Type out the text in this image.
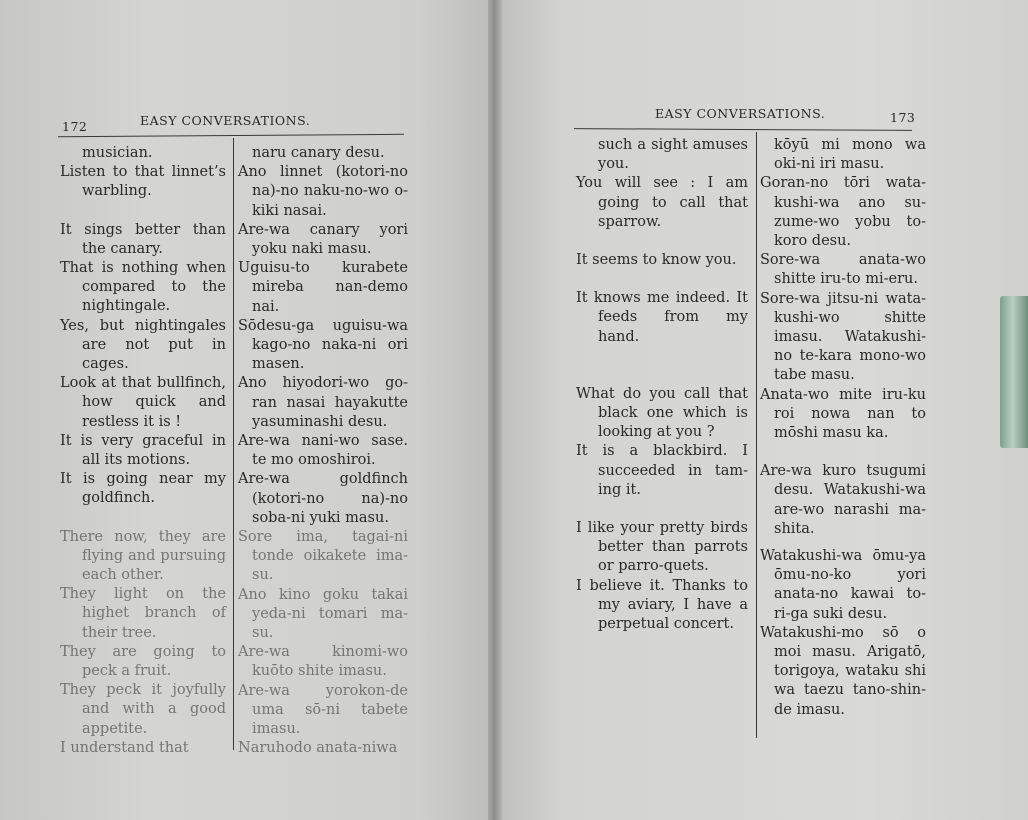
172	EASY CONVERSATIONS.
musician.
Listen to that linnet’s warbling.
It sings better than the canary.
That is nothing when compared to the nightingale.
Yes, but nightingales are not put in cages.
Look at that bullfinch, how quick and restless it is !
It is very graceful in all its motions.
It is going near my goldfinch.
There now, they are flying and pursuing each other.
They light on the highet branch of their tree.
They are going to peck a fruit.
They peck it joyfully and with a good appetite.
I understand that
naru canary desu.
Ano linnet (kotori-no na)-no naku-no-wo o-kiki nasai.
Are-wa canary yori yoku naki masu.
Uguisu-to kurabete mireba nan-demo nai.
Sōdesu-ga uguisu-wa kago-no naka-ni ori masen.
Ano hiyodori-wo go-ran nasai hayakutte yasuminashi desu.
Are-wa nani-wo sase. te mo omoshiroi.
Are-wa goldfinch (kotori-no na)-no soba-ni yuki masu.
Sore ima, tagai-ni tonde oikakete ima-su.
Ano kino goku takai yeda-ni tomari ma-su.
Are-wa kinomi-wo kuōto shite imasu.
Are-wa yorokon-de uma sō-ni tabete imasu.
Naruhodo anata-niwa
EASY CONVERSATIONS.	173
such a sight amuses you.
You will see : I am going to call that sparrow.
It seems to know you.
It knows me indeed. It feeds from my hand.
What do you call that black one which is looking at you ?
It is a blackbird. I succeeded in tam-ing it.
I like your pretty birds better than parrots or parro-quets.
I believe it. Thanks to my aviary, I have a perpetual concert.
kōyū mi mono wa oki-ni iri masu.
Goran-no tōri wata-kushi-wa ano su-zume-wo yobu to-koro desu.
Sore-wa anata-wo shitte iru-to mi-eru.
Sore-wa jitsu-ni wata-kushi-wo shitte imasu. Watakushi-no te-kara mono-wo tabe masu.
Anata-wo mite iru-ku roi nowa nan to mōshi masu ka.
Are-wa kuro tsugumi desu. Watakushi-wa are-wo narashi ma-shita.
Watakushi-wa ōmu-ya ōmu-no-ko yori anata-no kawai to-ri-ga suki desu.
Watakushi-mo sō o moi masu. Arigatō, torigoya, wataku shi wa taezu tano-shin-de imasu.
